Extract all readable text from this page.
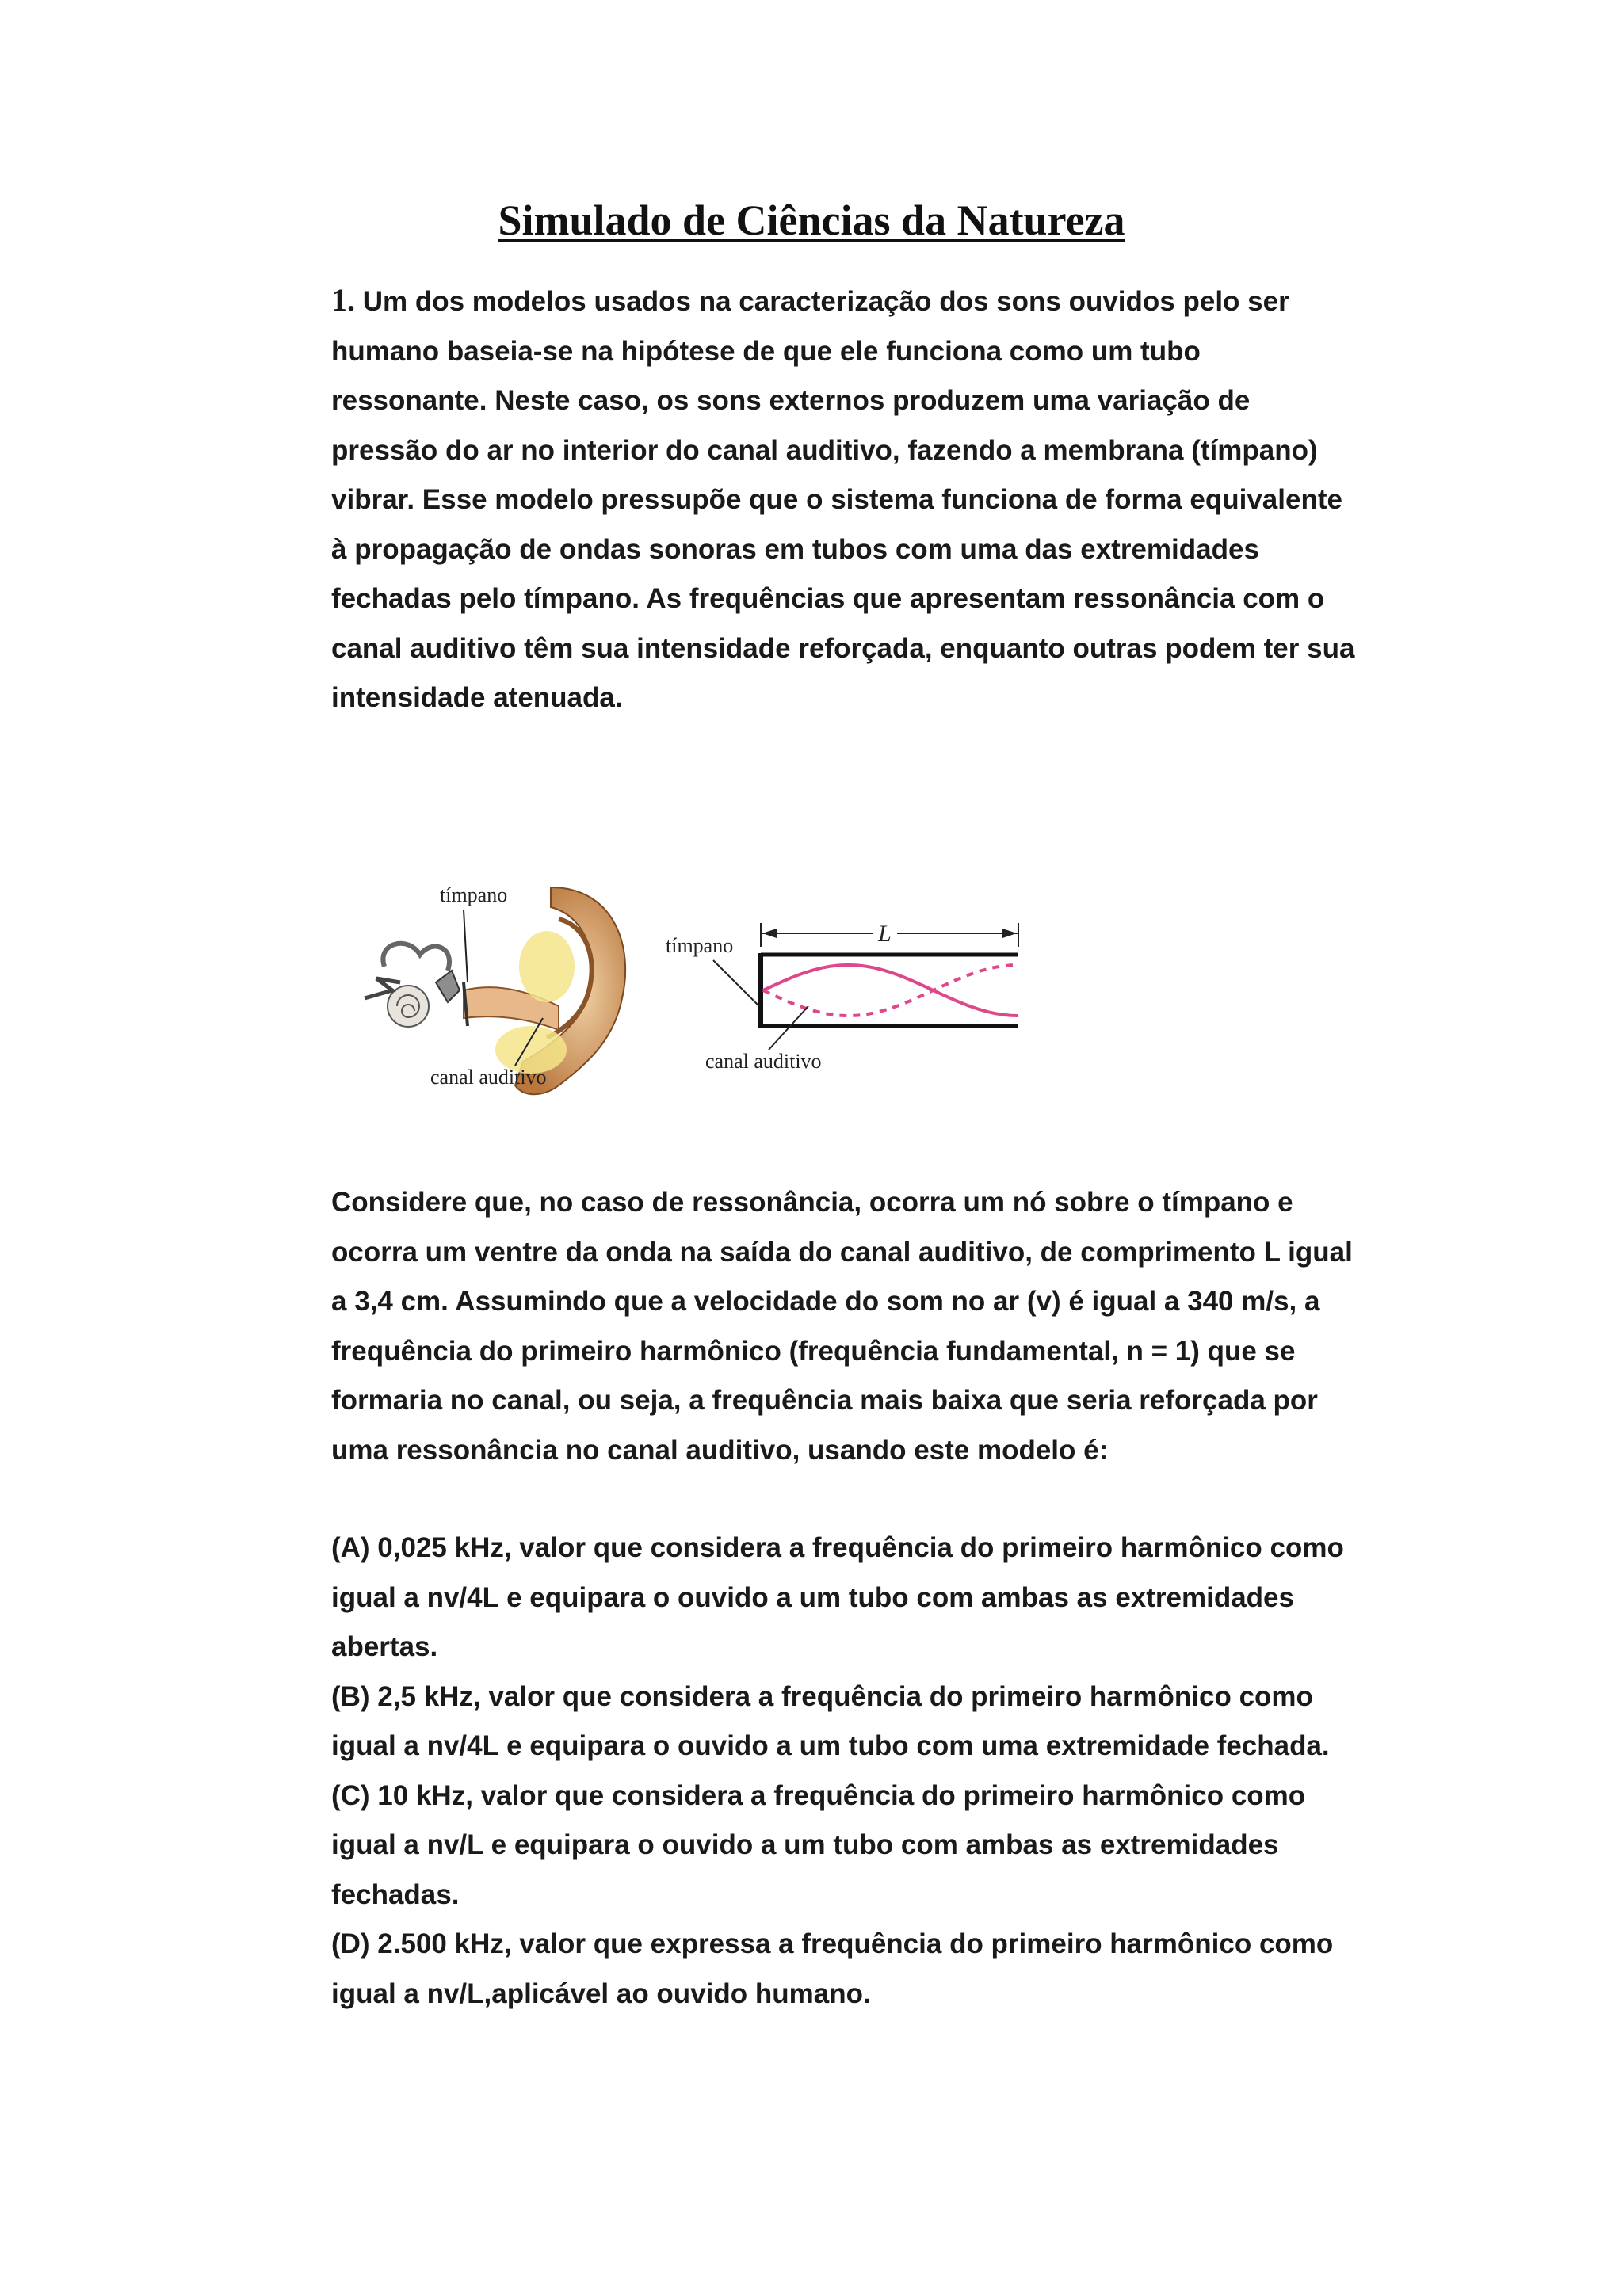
Simulado de Ciências da Natureza
1. Um dos modelos usados na caracterização dos sons ouvidos pelo ser
humano baseia-se na hipótese de que ele funciona como um tubo
ressonante. Neste caso, os sons externos produzem uma variação de
pressão do ar no interior do canal auditivo, fazendo a membrana (tímpano)
vibrar. Esse modelo pressupõe que o sistema funciona de forma equivalente
à propagação de ondas sonoras em tubos com uma das extremidades
fechadas pelo tímpano. As frequências que apresentam ressonância com o
canal auditivo têm sua intensidade reforçada, enquanto outras podem ter sua
intensidade atenuada.
tímpano
canal auditivo
L
tímpano
canal auditivo
Considere que, no caso de ressonância, ocorra um nó sobre o tímpano e
ocorra um ventre da onda na saída do canal auditivo, de comprimento L igual
a 3,4 cm. Assumindo que a velocidade do som no ar (v) é igual a 340 m/s, a
frequência do primeiro harmônico (frequência fundamental, n = 1) que se
formaria no canal, ou seja, a frequência mais baixa que seria reforçada por
uma ressonância no canal auditivo, usando este modelo é:
(A) 0,025 kHz, valor que considera a frequência do primeiro harmônico como
igual a nv/4L e equipara o ouvido a um tubo com ambas as extremidades
abertas.
(B) 2,5 kHz, valor que considera a frequência do primeiro harmônico como
igual a nv/4L e equipara o ouvido a um tubo com uma extremidade fechada.
(C) 10 kHz, valor que considera a frequência do primeiro harmônico como
igual a nv/L e equipara o ouvido a um tubo com ambas as extremidades
fechadas.
(D) 2.500 kHz, valor que expressa a frequência do primeiro harmônico como
igual a nv/L,aplicável ao ouvido humano.
